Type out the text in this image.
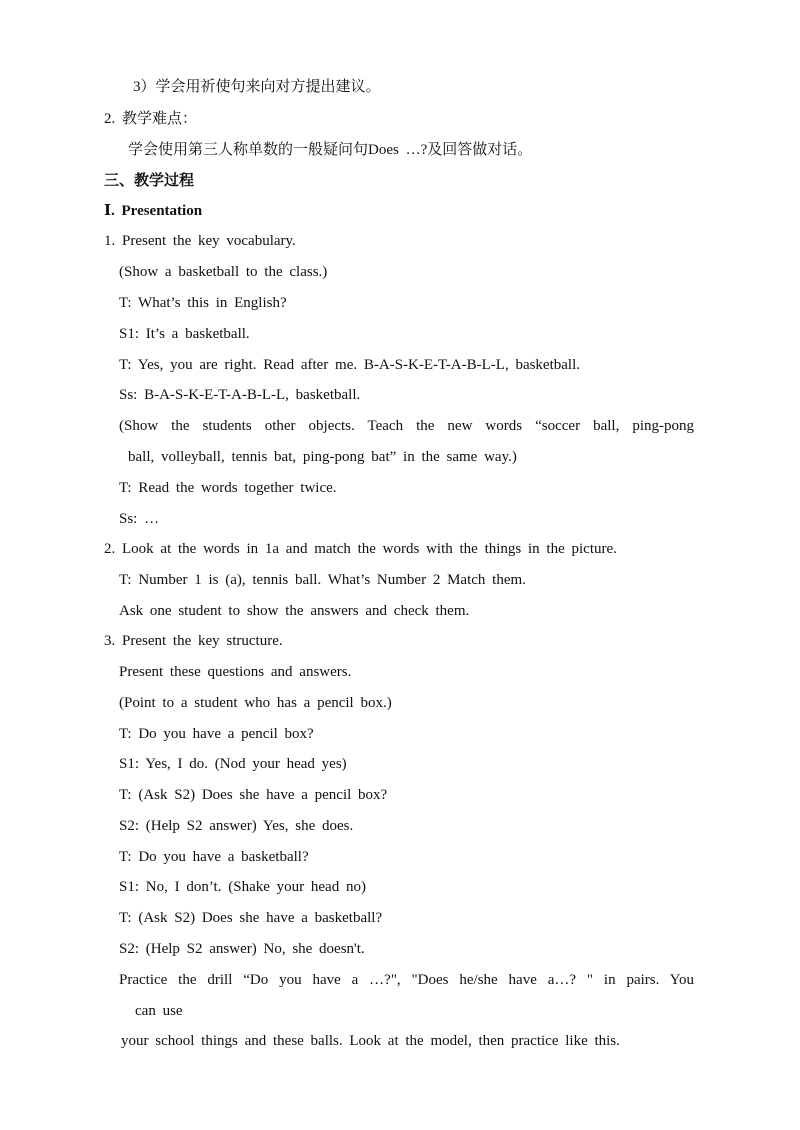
3）学会用祈使句来向对方提出建议。
2. 教学难点：
学会使用第三人称单数的一般疑问句Does …?及回答做对话。
三、教学过程
Ⅰ. Presentation
1. Present the key vocabulary.
(Show a basketball to the class.)
T: What’s this in English?
S1: It’s a basketball.
T: Yes, you are right. Read after me. B-A-S-K-E-T-A-B-L-L, basketball.
Ss: B-A-S-K-E-T-A-B-L-L, basketball.
(Show the students other objects. Teach the new words “soccer ball, ping-pong
ball, volleyball, tennis bat, ping-pong bat” in the same way.)
T: Read the words together twice.
Ss: …
2. Look at the words in 1a and match the words with the things in the picture.
T: Number 1 is (a), tennis ball. What’s Number 2 Match them.
Ask one student to show the answers and check them.
3. Present the key structure.
Present these questions and answers.
(Point to a student who has a pencil box.)
T: Do you have a pencil box?
S1: Yes, I do. (Nod your head yes)
T: (Ask S2) Does she have a pencil box?
S2: (Help S2 answer) Yes, she does.
T: Do you have a basketball?
S1: No, I don’t. (Shake your head no)
T: (Ask S2) Does she have a basketball?
S2: (Help S2 answer) No, she doesn't.
Practice the drill “Do you have a …?", "Does he/she have a…? " in pairs. You
can use
your school things and these balls. Look at the model, then practice like this.
